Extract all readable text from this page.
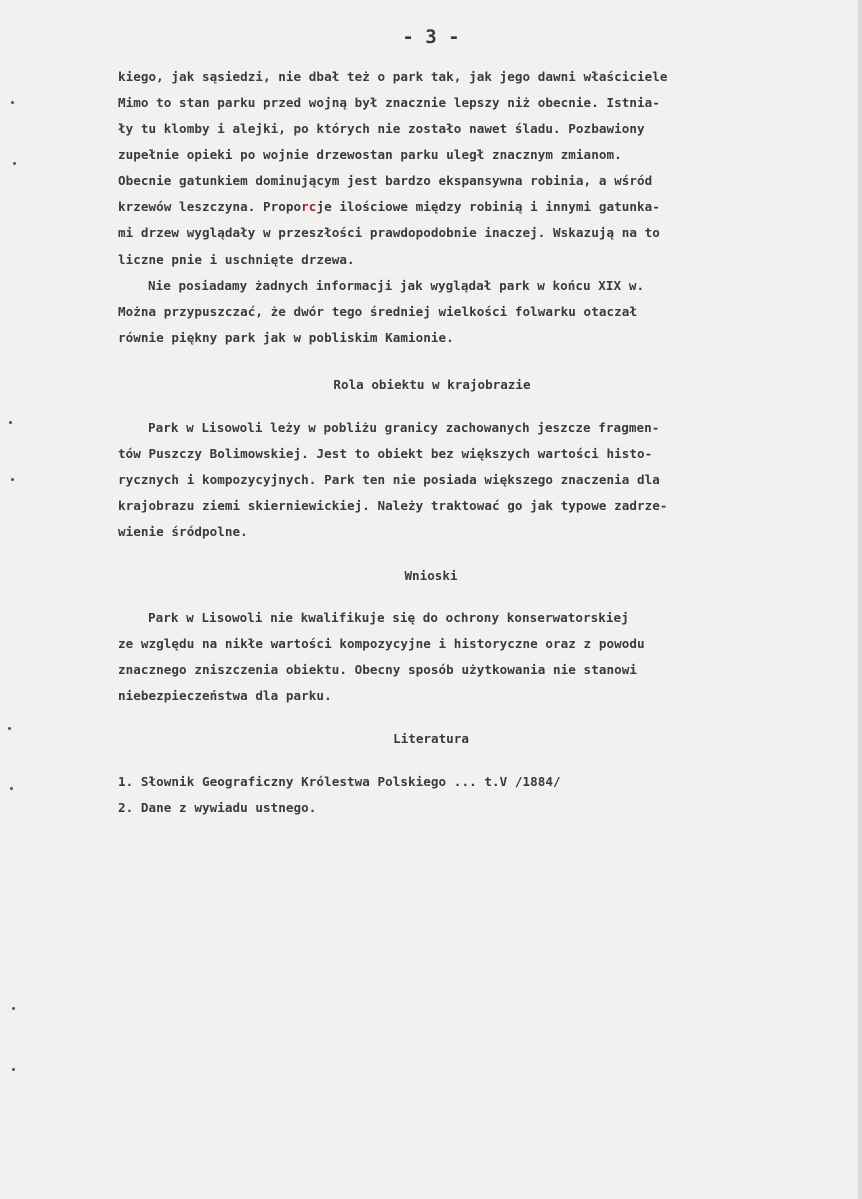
- 3 -
kiego, jak sąsiedzi, nie dbał też o park tak, jak jego dawni właściciele
Mimo to stan parku przed wojną był znacznie lepszy niż obecnie. Istnia-
ły tu klomby i alejki, po których nie zostało nawet śladu. Pozbawiony
zupełnie opieki po wojnie drzewostan parku uległ znacznym zmianom.
Obecnie gatunkiem dominującym jest bardzo ekspansywna robinia, a wśród
krzewów leszczyna. Proporcje ilościowe między robinią i innymi gatunka-
mi drzew wyglądały w przeszłości prawdopodobnie inaczej. Wskazują na to
liczne pnie i uschnięte drzewa.
Nie posiadamy żadnych informacji jak wyglądał park w końcu XIX w.
Można przypuszczać, że dwór tego średniej wielkości folwarku otaczał
równie piękny park jak w pobliskim Kamionie.
Rola obiektu w krajobrazie
Park w Lisowoli leży w pobliżu granicy zachowanych jeszcze fragmen-
tów Puszczy Bolimowskiej. Jest to obiekt bez większych wartości histo-
rycznych i kompozycyjnych. Park ten nie posiada większego znaczenia dla
krajobrazu ziemi skierniewickiej. Należy traktować go jak typowe zadrze-
wienie śródpolne.
Wnioski
Park w Lisowoli nie kwalifikuje się do ochrony konserwatorskiej
ze względu na nikłe wartości kompozycyjne i historyczne oraz z powodu
znacznego zniszczenia obiektu. Obecny sposób użytkowania nie stanowi
niebezpieczeństwa dla parku.
Literatura
1. Słownik Geograficzny Królestwa Polskiego ... t.V /1884/
2. Dane z wywiadu ustnego.
